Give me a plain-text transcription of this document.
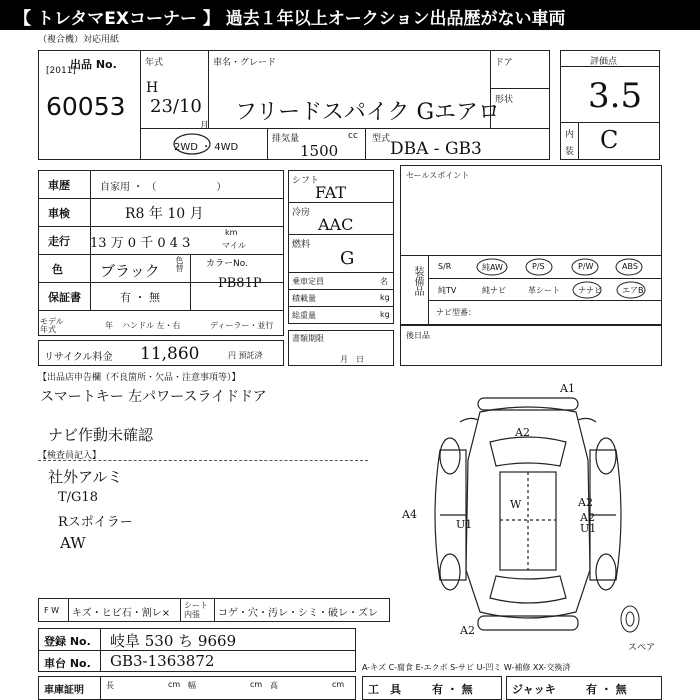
【 トレタマEXコーナー 】 過去１年以上オークション出品歴がない車両
（複合機）対応用紙
出品 No.
[2011]
60053
年式
H
23/10
月
車名・グレード
フリードスパイク Gエアロ
ドア
形状
2WD ・ 4WD
排気量	cc
1500
型式 DBA - GB3
評価点
3.5
内
装 C
車歴	自家用 ・ （　　　　　　）
車検	R8 年 10 月
走行 13 万 0 千 0 4 3
km
マイル
色 ブラック 色替 カラーNo.
PB81P
保証書	有 ・ 無
モデル年式	年 ハンドル 左・右	ディーラー・並行
シフト
FAT
冷房
AAC
燃料
G
乗車定員	名
積載量	kg
総重量	kg
セールスポイント
装備品 S/R	純AW	P/S	P/W	ABS
純TV	純ナビ	革シート ナナビ	エアB
ナビ型番：
リサイクル料金 11,860	円 預託済
書類期限
月　日
後日品
【出品店申告欄（不良箇所・欠品・注意事項等）】
スマートキー 左パワースライドドア
ナビ作動未確認
【検査員記入】
社外アルミ
T/G18
Rスポイラー
AW
A1
A2
A2
A2
A4
W
U1	U1
A2
スペア
F W キズ・ヒビ石・割レ×
シート内張	コゲ・穴・汚レ・シミ・破レ・ズレ
登録 No. 岐阜 530 ち 9669
車台 No. GB3-1363872	A-キズ C-腐食 E-エクボ S-サビ U-凹ミ W-補修 XX-交換済
車庫証明	長	cm 幅	cm 高	cm 工　具	有 ・ 無	ジャッキ	有 ・ 無
